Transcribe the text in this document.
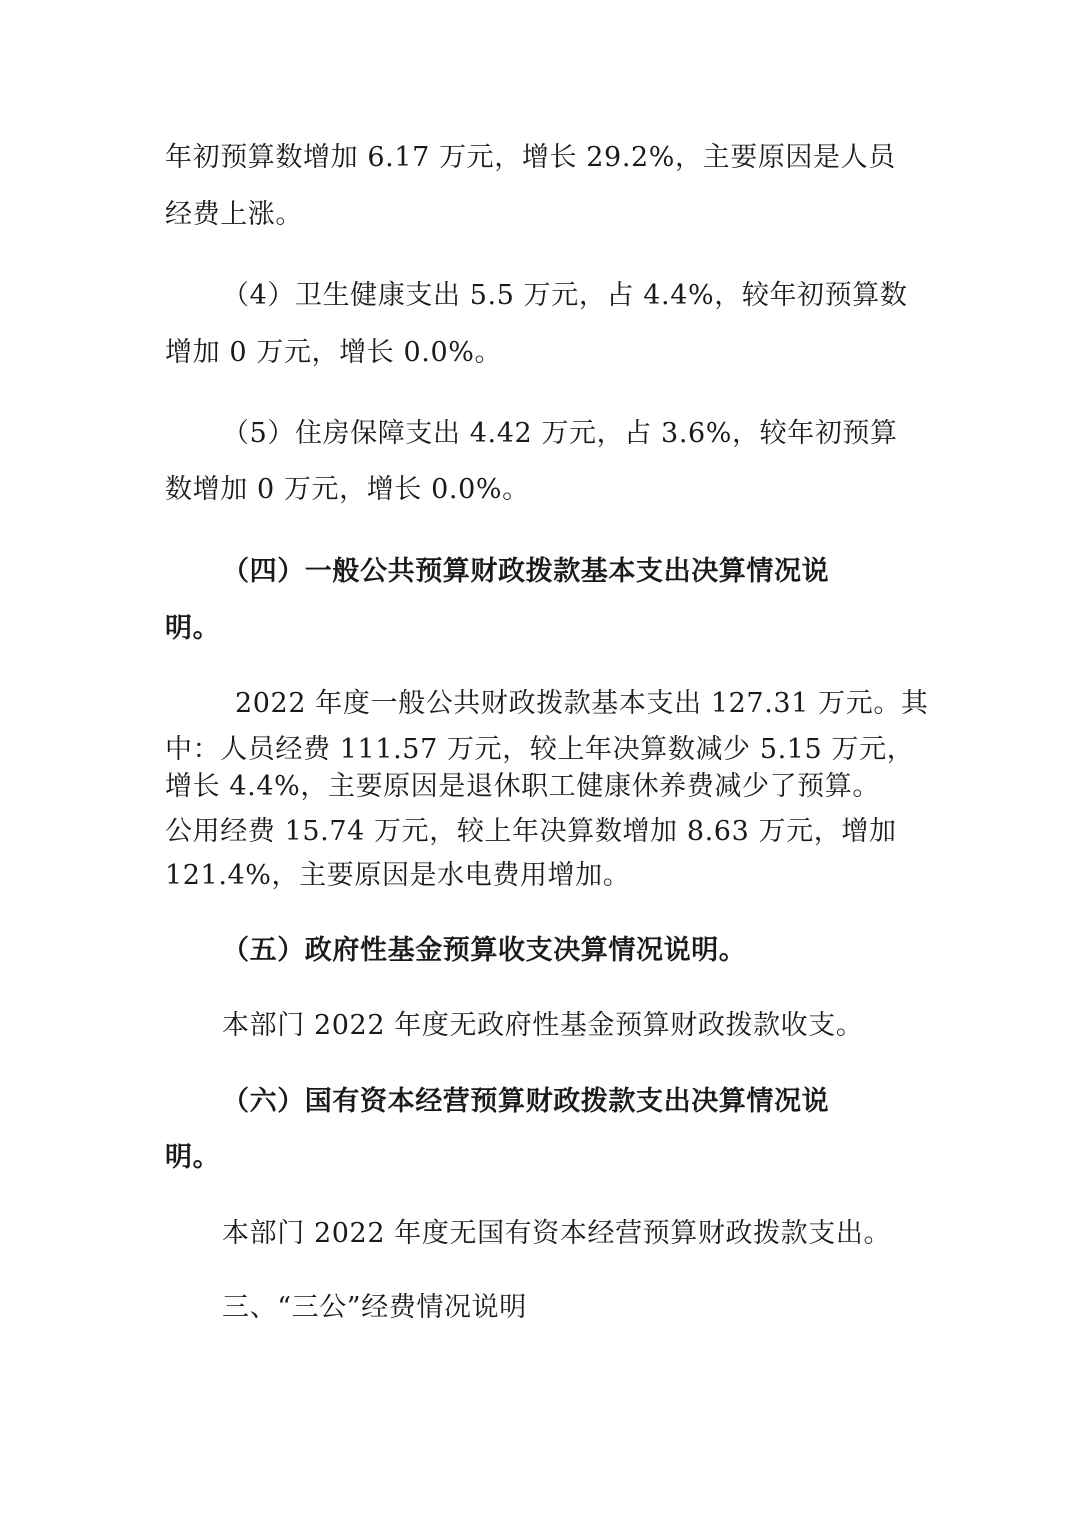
年初预算数增加 6.17 万元，增长 29.2%，主要原因是人员
经费上涨。
（4）卫生健康支出 5.5 万元，占 4.4%，较年初预算数
增加 0 万元，增长 0.0%。
（5）住房保障支出 4.42 万元，占 3.6%，较年初预算
数增加 0 万元，增长 0.0%。
（四）一般公共预算财政拨款基本支出决算情况说
明。
2022 年度一般公共财政拨款基本支出 127.31 万元。其
中：人员经费 111.57 万元，较上年决算数减少 5.15 万元，
增长 4.4%，主要原因是退休职工健康休养费减少了预算。
公用经费 15.74 万元，较上年决算数增加 8.63 万元，增加
121.4%，主要原因是水电费用增加。
（五）政府性基金预算收支决算情况说明。
本部门 2022 年度无政府性基金预算财政拨款收支。
（六）国有资本经营预算财政拨款支出决算情况说
明。
本部门 2022 年度无国有资本经营预算财政拨款支出。
三、“三公”经费情况说明
